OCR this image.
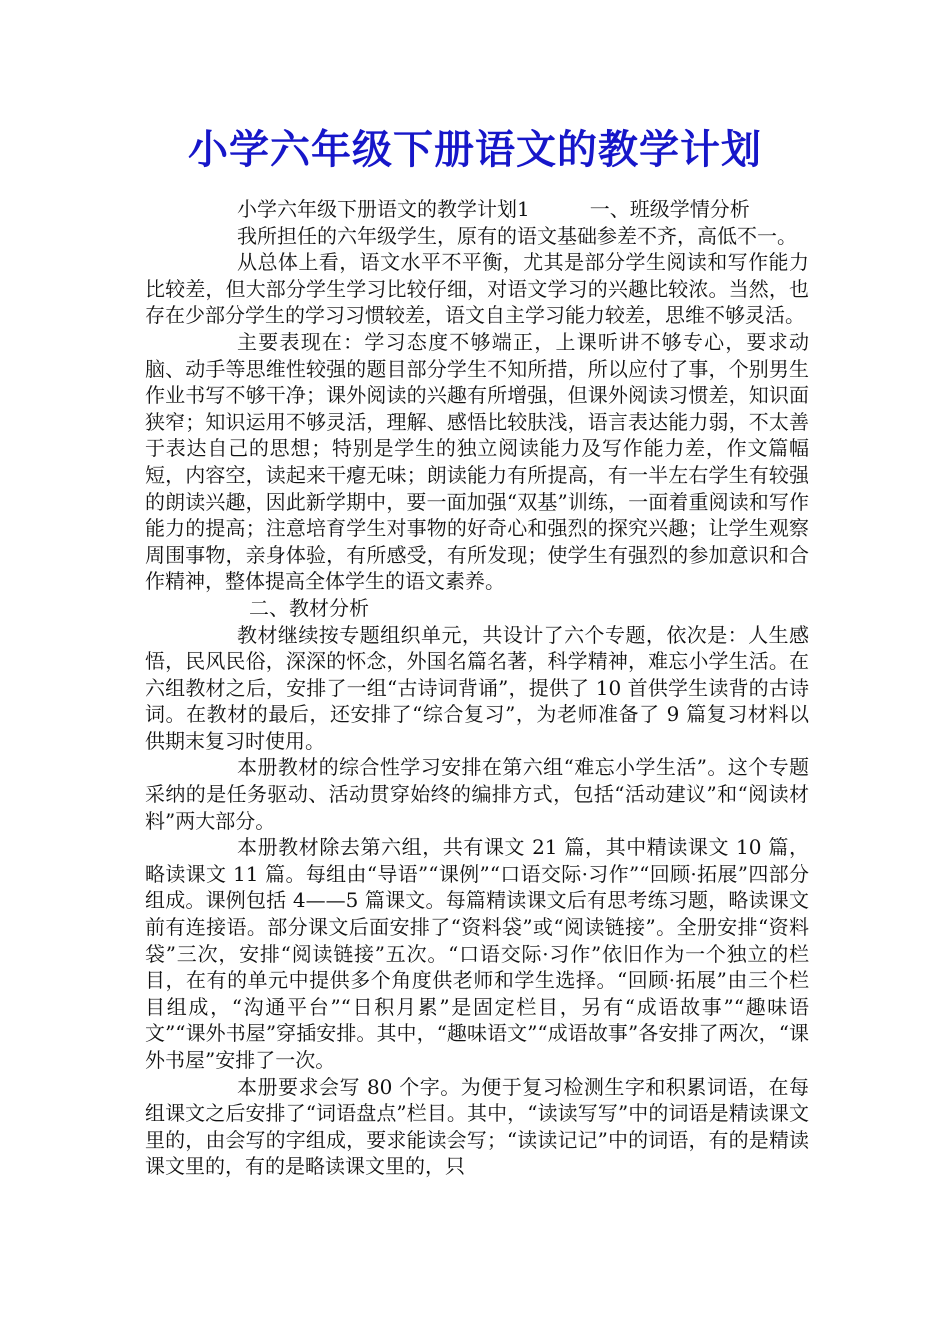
小学六年级下册语文的教学计划

小学六年级下册语文的教学计划1	一、班级学情分析

我所担任的六年级学生，原有的语文基础参差不齐，高低不一。

从总体上看，语文水平不平衡，尤其是部分学生阅读和写作能力比较差，但大部分学生学习比较仔细，对语文学习的兴趣比较浓。当然，也存在少部分学生的学习习惯较差，语文自主学习能力较差，思维不够灵活。

主要表现在：学习态度不够端正，上课听讲不够专心，要求动脑、动手等思维性较强的题目部分学生不知所措，所以应付了事，个别男生作业书写不够干净；课外阅读的兴趣有所增强，但课外阅读习惯差，知识面狭窄；知识运用不够灵活，理解、感悟比较肤浅，语言表达能力弱，不太善于表达自己的思想；特别是学生的独立阅读能力及写作能力差，作文篇幅短，内容空，读起来干瘪无味；朗读能力有所提高，有一半左右学生有较强的朗读兴趣，因此新学期中，要一面加强“双基”训练，一面着重阅读和写作能力的提高；注意培育学生对事物的好奇心和强烈的探究兴趣；让学生观察周围事物，亲身体验，有所感受，有所发现；使学生有强烈的参加意识和合作精神，整体提高全体学生的语文素养。

二、教材分析

教材继续按专题组织单元，共设计了六个专题，依次是：人生感悟，民风民俗，深深的怀念，外国名篇名著，科学精神，难忘小学生活。在六组教材之后，安排了一组“古诗词背诵”，提供了 10 首供学生读背的古诗词。在教材的最后，还安排了“综合复习”，为老师准备了 9 篇复习材料以供期末复习时使用。

本册教材的综合性学习安排在第六组“难忘小学生活”。这个专题采纳的是任务驱动、活动贯穿始终的编排方式，包括“活动建议”和“阅读材料”两大部分。

本册教材除去第六组，共有课文 21 篇，其中精读课文 10 篇，略读课文 11 篇。每组由“导语”“课例”“口语交际·习作”“回顾·拓展”四部分组成。课例包括 4——5 篇课文。每篇精读课文后有思考练习题，略读课文前有连接语。部分课文后面安排了“资料袋”或“阅读链接”。全册安排“资料袋”三次，安排“阅读链接”五次。“口语交际·习作”依旧作为一个独立的栏目，在有的单元中提供多个角度供老师和学生选择。“回顾·拓展”由三个栏目组成，“沟通平台”“日积月累”是固定栏目，另有“成语故事”“趣味语文”“课外书屋”穿插安排。其中，“趣味语文”“成语故事”各安排了两次，“课外书屋”安排了一次。

本册要求会写 80 个字。为便于复习检测生字和积累词语，在每组课文之后安排了“词语盘点”栏目。其中，“读读写写”中的词语是精读课文里的，由会写的字组成，要求能读会写；“读读记记”中的词语，有的是精读课文里的，有的是略读课文里的，只
